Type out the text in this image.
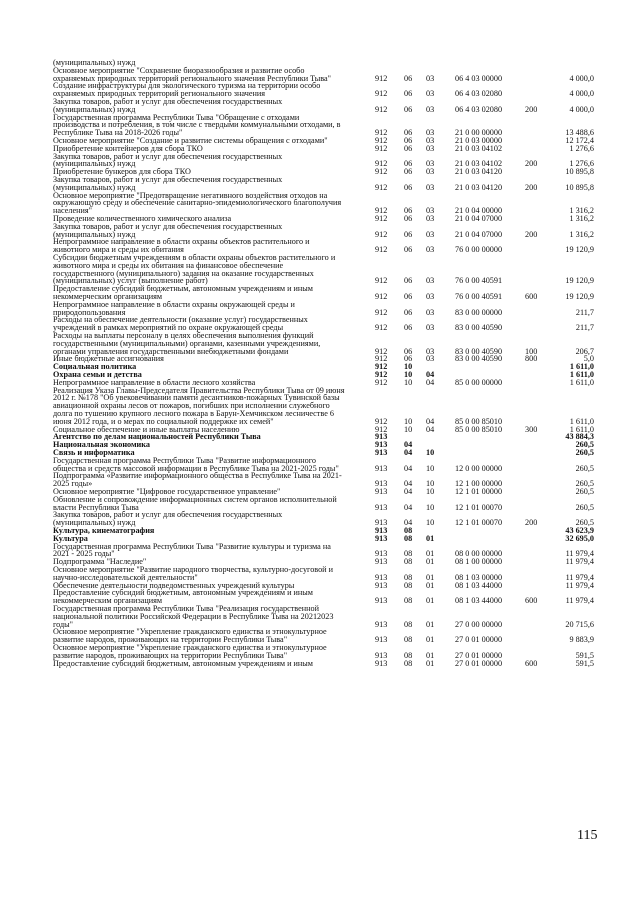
(муниципальных) нужд
Основное мероприятие "Сохранение биоразнообразия и развитие особо
охраняемых природных территорий регионального значения Республики Тыва"	912 06 03	06 4 03 00000	4 000,0
Создание инфраструктуры для экологического туризма на территории особо
охраняемых природных территорий регионального значения	912 06 03	06 4 03 02080	4 000,0
Закупка товаров, работ и услуг для обеспечения государственных
(муниципальных) нужд	912 06 03	06 4 03 02080	200	4 000,0
Государственная программа Республики Тыва "Обращение с отходами
производства и потребления, в том числе с твердыми коммунальными отходами, в
Республике Тыва на 2018-2026 годы"	912 06 03	21 0 00 00000	13 488,6
Основное мероприятие "Создание и развитие системы обращения с отходами"	912 06 03	21 0 03 00000	12 172,4
Приобретение контейнеров для сбора ТКО	912 06 03	21 0 03 04102	1 276,6
Закупка товаров, работ и услуг для обеспечения государственных
(муниципальных) нужд	912 06 03	21 0 03 04102	200	1 276,6
Приобретение бункеров для сбора ТКО	912 06 03	21 0 03 04120	10 895,8
Закупка товаров, работ и услуг для обеспечения государственных
(муниципальных) нужд	912 06 03	21 0 03 04120	200	10 895,8
Основное мероприятие "Предотвращение негативного воздействия отходов на
окружающую среду и обеспечение санитарно-эпидемиологического благополучия
населения"	912 06 03	21 0 04 00000	1 316,2
Проведение количественного химического анализа	912 06 03	21 0 04 07000	1 316,2
Закупка товаров, работ и услуг для обеспечения государственных
(муниципальных) нужд	912 06 03	21 0 04 07000	200	1 316,2
Непрограммное направление в области охраны объектов растительного и
животного мира и среды их обитания	912 06 03	76 0 00 00000	19 120,9
Субсидии бюджетным учреждениям в области охраны объектов растительного и
животного мира и среды их обитания на финансовое обеспечение
государственного (муниципального) задания на оказание государственных
(муниципальных) услуг (выполнение работ)	912 06 03	76 0 00 40591	19 120,9
Предоставление субсидий бюджетным, автономным учреждениям и иным
некоммерческим организациям	912 06 03	76 0 00 40591	600	19 120,9
Непрограммное направление в области охраны окружающей среды и
природопользования	912 06 03	83 0 00 00000	211,7
Расходы на обеспечение деятельности (оказание услуг) государственных
учреждений в рамках мероприятий по охране окружающей среды	912 06 03	83 0 00 40590	211,7
Расходы на выплаты персоналу в целях обеспечения выполнения функций
государственными (муниципальными) органами, казенными учреждениями,
органами управления государственными внебюджетными фондами	912 06 03	83 0 00 40590	100	206,7
Иные бюджетные ассигнования	912 06 03	83 0 00 40590	800	5,0
Социальная политика	912 10	1 611,0
Охрана семьи и детства	912 10 04	1 611,0
Непрограммное направление в области лесного хозяйства	912 10 04	85 0 00 00000	1 611,0
Реализация Указа Главы-Председателя Правительства Республики Тыва от 09 июня
2012 г. №178 "Об увековечивании памяти десантников-пожарных Тувинской базы
авиационной охраны лесов от пожаров, погибших при исполнении служебного
долга по тушению крупного лесного пожара в Барун-Хемчикском лесничестве 6
июня 2012 года, и о мерах по социальной поддержке их семей"	912 10 04	85 0 00 85010	1 611,0
Социальное обеспечение и иные выплаты населению	912 10 04	85 0 00 85010	300	1 611,0
Агентство по делам национальностей Республики Тыва	913	43 884,3
Национальная экономика	913 04	260,5
Связь и информатика	913 04 10	260,5
Государственная программа Республики Тыва "Развитие информационного
общества и средств массовой информации в Республике Тыва на 2021-2025 годы"	913 04 10	12 0 00 00000	260,5
Подпрограмма «Развитие информационного общества в Республике Тыва на 2021-
2025 годы»	913 04 10	12 1 00 00000	260,5
Основное мероприятие "Цифровое государственное управление"	913 04 10	12 1 01 00000	260,5
Обновление и сопровождение информационных систем органов исполнительной
власти Республики Тыва	913 04 10	12 1 01 00070	260,5
Закупка товаров, работ и услуг для обеспечения государственных
(муниципальных) нужд	913 04 10	12 1 01 00070	200	260,5
Культура, кинематография	913 08	43 623,9
Культура	913 08 01	32 695,0
Государственная программа Республики Тыва "Развитие культуры и туризма на
2021 - 2025 годы"	913 08 01	08 0 00 00000	11 979,4
Подпрограмма "Наследие"	913 08 01	08 1 00 00000	11 979,4
Основное мероприятие "Развитие народного творчества, культурно-досуговой и
научно-исследовательской деятельности"	913 08 01	08 1 03 00000	11 979,4
Обеспечение деятельности подведомственных учреждений культуры	913 08 01	08 1 03 44000	11 979,4
Предоставление субсидий бюджетным, автономным учреждениям и иным
некоммерческим организациям	913 08 01	08 1 03 44000	600	11 979,4
Государственная программа Республики Тыва "Реализация государственной
национальной политики Российской Федерации в Республике Тыва на 20212023
годы"	913 08 01	27 0 00 00000	20 715,6
Основное мероприятие "Укрепление гражданского единства и этнокультурное
развитие народов, проживающих на территории Республики Тыва"	913 08 01	27 0 01 00000	9 883,9
Основное мероприятие "Укрепление гражданского единства и этнокультурное
развитие народов, проживающих на территории Республики Тыва"	913 08 01	27 0 01 00000	591,5
Предоставление субсидий бюджетным, автономным учреждениям и иным	913 08 01	27 0 01 00000	600	591,5
115
